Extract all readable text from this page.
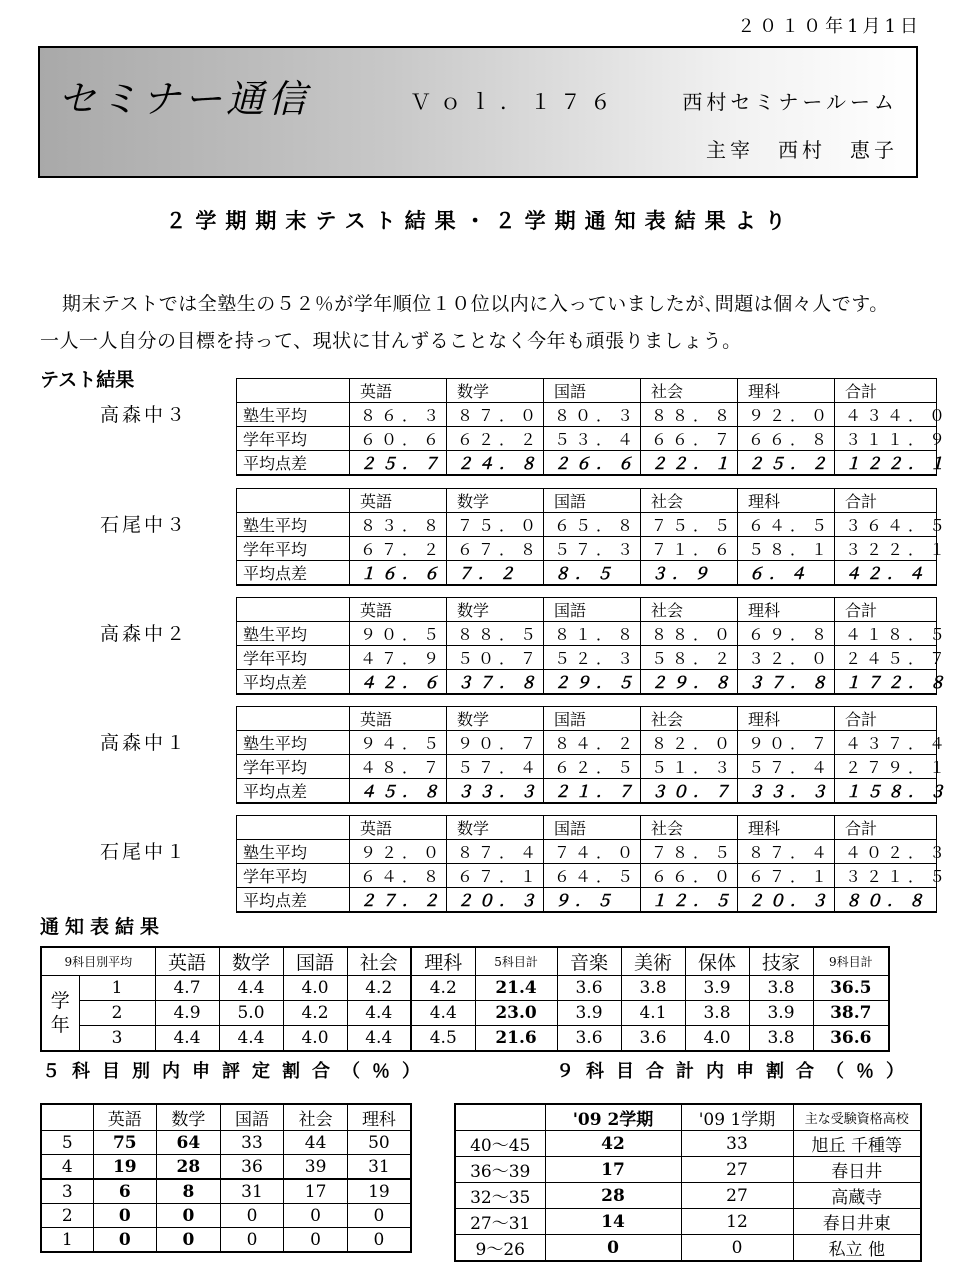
２０１０年1月1日
セミナー通信	Ｖｏｌ．１７６	西村セミナールーム
主宰　西村　恵子
２学期期末テスト結果・２学期通知表結果より
期末テストでは全塾生の５２％が学年順位１０位以内に入っていましたが､問題は個々人です。
一人一人自分の目標を持って、現状に甘んずることなく今年も頑張りましょう。
テスト結果
高森中３
	英語	数学	国語	社会	理科	合計
塾生平均	８６．３	８７．０	８０．３	８８．８	９２．０	４３４．０
学年平均	６０．６	６２．２	５３．４	６６．７	６６．８	３１１．９
平均点差	２５．７	２４．８	２６．６	２２．１	２５．２	１２２．１
石尾中３
	英語	数学	国語	社会	理科	合計
塾生平均	８３．８	７５．０	６５．８	７５．５	６４．５	３６４．５
学年平均	６７．２	６７．８	５７．３	７１．６	５８．１	３２２．１
平均点差	１６．６	７．２	８．５	３．９	６．４	４２．４
高森中２
	英語	数学	国語	社会	理科	合計
塾生平均	９０．５	８８．５	８１．８	８８．０	６９．８	４１８．５
学年平均	４７．９	５０．７	５２．３	５８．２	３２．０	２４５．７
平均点差	４２．６	３７．８	２９．５	２９．８	３７．８	１７２．８
高森中１
	英語	数学	国語	社会	理科	合計
塾生平均	９４．５	９０．７	８４．２	８２．０	９０．７	４３７．４
学年平均	４８．７	５７．４	６２．５	５１．３	５７．４	２７９．１
平均点差	４５．８	３３．３	２１．７	３０．７	３３．３	１５８．３
石尾中１
	英語	数学	国語	社会	理科	合計
塾生平均	９２．０	８７．４	７４．０	７８．５	８７．４	４０２．３
学年平均	６４．８	６７．１	６４．５	６６．０	６７．１	３２１．５
平均点差	２７．２	２０．３	９．５	１２．５	２０．３	８０．８
通知表結果
9科目別平均		英語	数学	国語	社会	理科	5科目計	音楽	美術	保体	技家	9科目計
学年	1	4.7	4.4	4.0	4.2	4.2	21.4	3.6	3.8	3.9	3.8	36.5
	2	4.9	5.0	4.2	4.4	4.4	23.0	3.9	4.1	3.8	3.9	38.7
	3	4.4	4.4	4.0	4.4	4.5	21.6	3.6	3.6	4.0	3.8	36.6
５科目別内申評定割合（％）	９科目合計内申割合（％）
	英語	数学	国語	社会	理科
5	75	64	33	44	50
4	19	28	36	39	31
3	6	8	31	17	19
2	0	0	0	0	0
1	0	0	0	0	0
	'09 2学期	'09 1学期	主な受験資格高校
40～45	42	33	旭丘 千種等
36～39	17	27	春日井
32～35	28	27	高蔵寺
27～31	14	12	春日井東
9～26	0	0	私立 他
